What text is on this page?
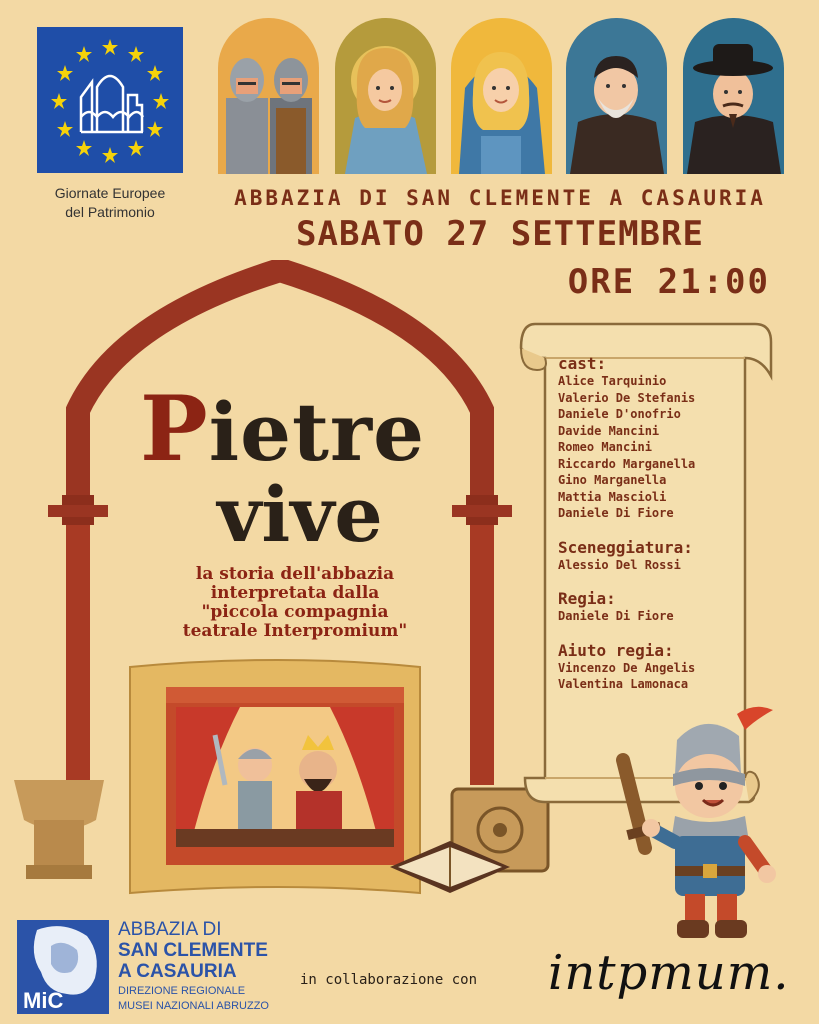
Giornate Europee
del Patrimonio
ABBAZIA DI SAN CLEMENTE A CASAURIA
SABATO 27 SETTEMBRE
ORE 21:00
Pietre
vive
la storia dell'abbazia
interpretata dalla
"piccola compagnia
teatrale Interpromium"
cast:
Alice Tarquinio
Valerio De Stefanis
Daniele D'onofrio
Davide Mancini
Romeo Mancini
Riccardo Marganella
Gino Marganella
Mattia Mascioli
Daniele Di Fiore
Sceneggiatura:
Alessio Del Rossi
Regia:
Daniele Di Fiore
Aiuto regia:
Vincenzo De Angelis
Valentina Lamonaca
MiC
ABBAZIA DI
SAN CLEMENTE
A CASAURIA
DIREZIONE REGIONALE
MUSEI NAZIONALI ABRUZZO
in collaborazione con	intpmum.
